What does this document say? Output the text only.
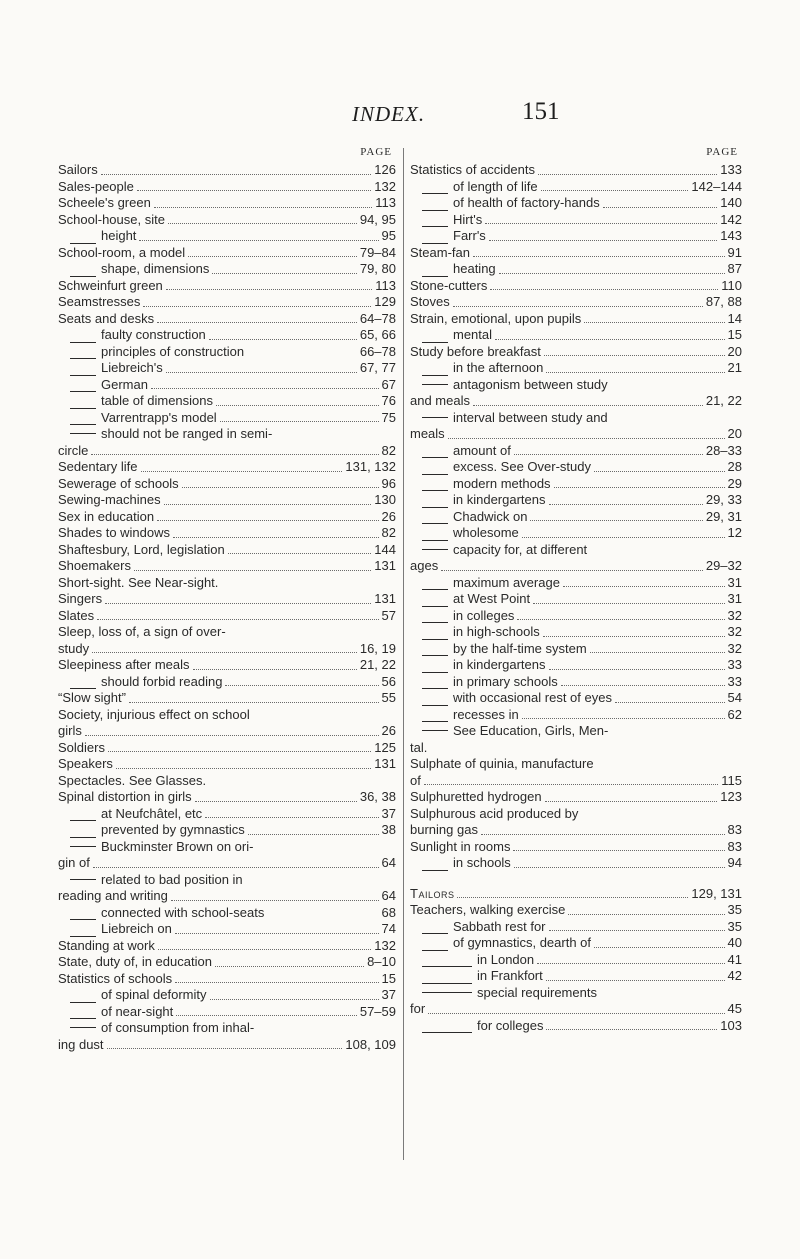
INDEX.	151
PAGE
Sailors	126
Sales-people	132
Scheele's green	113
School-house, site	94, 95
height	95
School-room, a model	79–84
shape, dimensions	79, 80
Schweinfurt green	113
Seamstresses	129
Seats and desks	64–78
faulty construction	65, 66
principles of construction	66–78
Liebreich's	67, 77
German	67
table of dimensions	76
Varrentrapp's model	75
should not be ranged in semi-
circle	82
Sedentary life	131, 132
Sewerage of schools	96
Sewing-machines	130
Sex in education	26
Shades to windows	82
Shaftesbury, Lord, legislation	144
Shoemakers	131
Short-sight. See Near-sight.
Singers	131
Slates	57
Sleep, loss of, a sign of over-
study	16, 19
Sleepiness after meals	21, 22
should forbid reading	56
“Slow sight”	55
Society, injurious effect on school
girls	26
Soldiers	125
Speakers	131
Spectacles. See Glasses.
Spinal distortion in girls	36, 38
at Neufchâtel, etc	37
prevented by gymnastics	38
Buckminster Brown on ori-
gin of	64
related to bad position in
reading and writing	64
connected with school-seats	68
Liebreich on	74
Standing at work	132
State, duty of, in education	8–10
Statistics of schools	15
of spinal deformity	37
of near-sight	57–59
of consumption from inhal-
ing dust	108, 109
PAGE
Statistics of accidents	133
of length of life	142–144
of health of factory-hands	140
Hirt's	142
Farr's	143
Steam-fan	91
heating	87
Stone-cutters	110
Stoves	87, 88
Strain, emotional, upon pupils	14
mental	15
Study before breakfast	20
in the afternoon	21
antagonism between study
and meals	21, 22
interval between study and
meals	20
amount of	28–33
excess. See Over-study	28
modern methods	29
in kindergartens	29, 33
Chadwick on	29, 31
wholesome	12
capacity for, at different
ages	29–32
maximum average	31
at West Point	31
in colleges	32
in high-schools	32
by the half-time system	32
in kindergartens	33
in primary schools	33
with occasional rest of eyes	54
recesses in	62
See Education, Girls, Men-
tal.
Sulphate of quinia, manufacture
of	115
Sulphuretted hydrogen	123
Sulphurous acid produced by
burning gas	83
Sunlight in rooms	83
in schools	94
Tailors	129, 131
Teachers, walking exercise	35
Sabbath rest for	35
of gymnastics, dearth of	40
in London	41
in Frankfort	42
special requirements
for	45
for colleges	103
